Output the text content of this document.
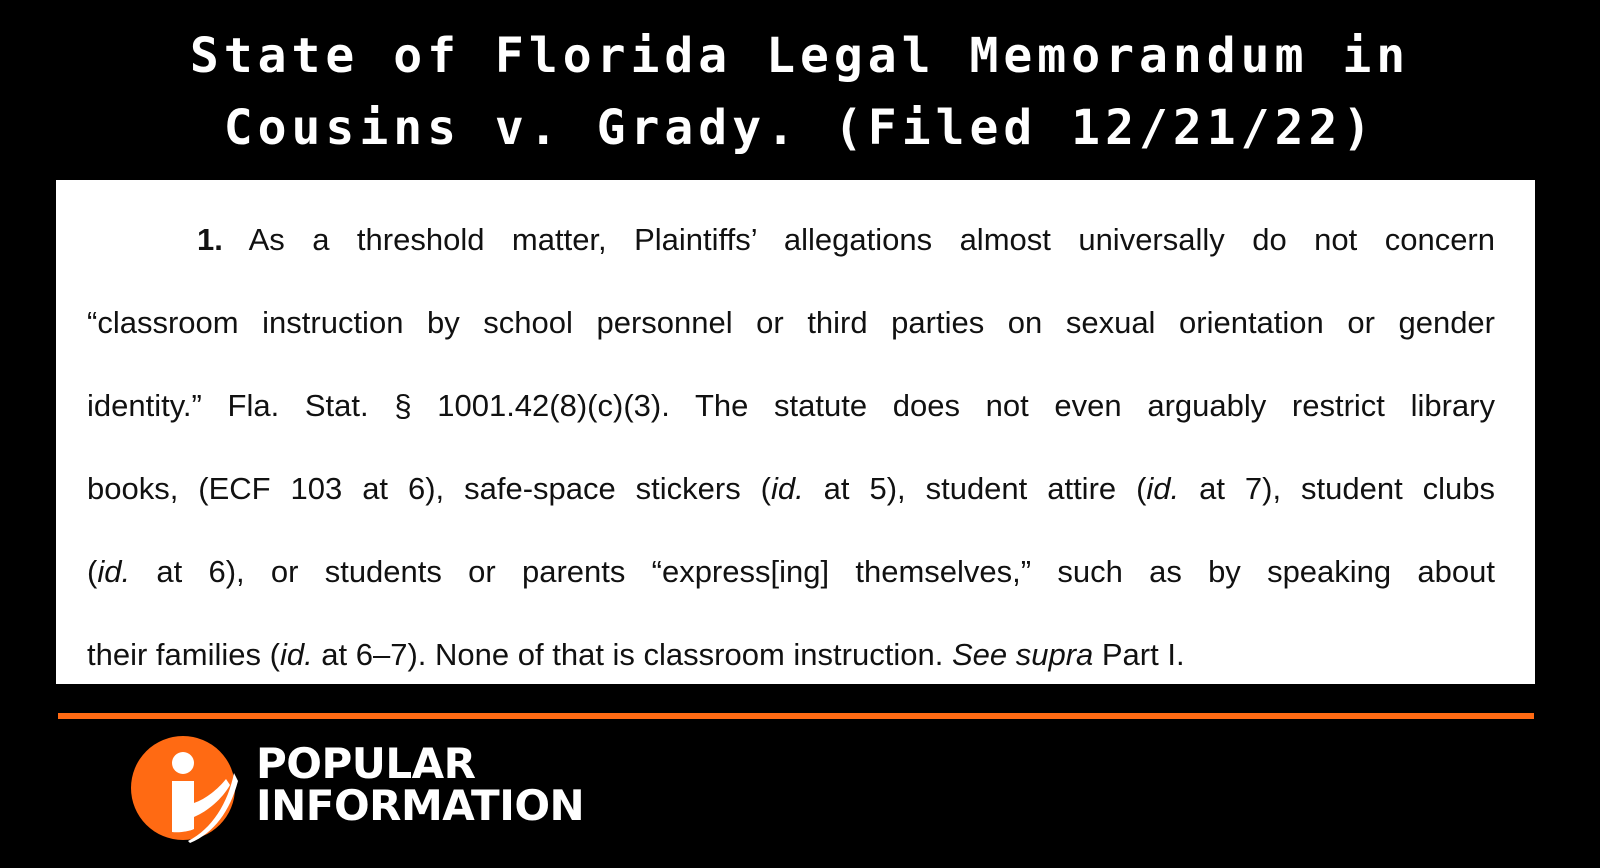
State of Florida Legal Memorandum in
Cousins v. Grady. (Filed 12/21/22)
1. As a threshold matter, Plaintiffs’ allegations almost universally do not concern
“classroom instruction by school personnel or third parties on sexual orientation or gender
identity.” Fla. Stat. § 1001.42(8)(c)(3). The statute does not even arguably restrict library
books, (ECF 103 at 6), safe-space stickers (id. at 5), student attire (id. at 7), student clubs
(id. at 6), or students or parents “express[ing] themselves,” such as by speaking about
their families (id. at 6–7). None of that is classroom instruction. See supra Part I.
POPULAR
INFORMATION
